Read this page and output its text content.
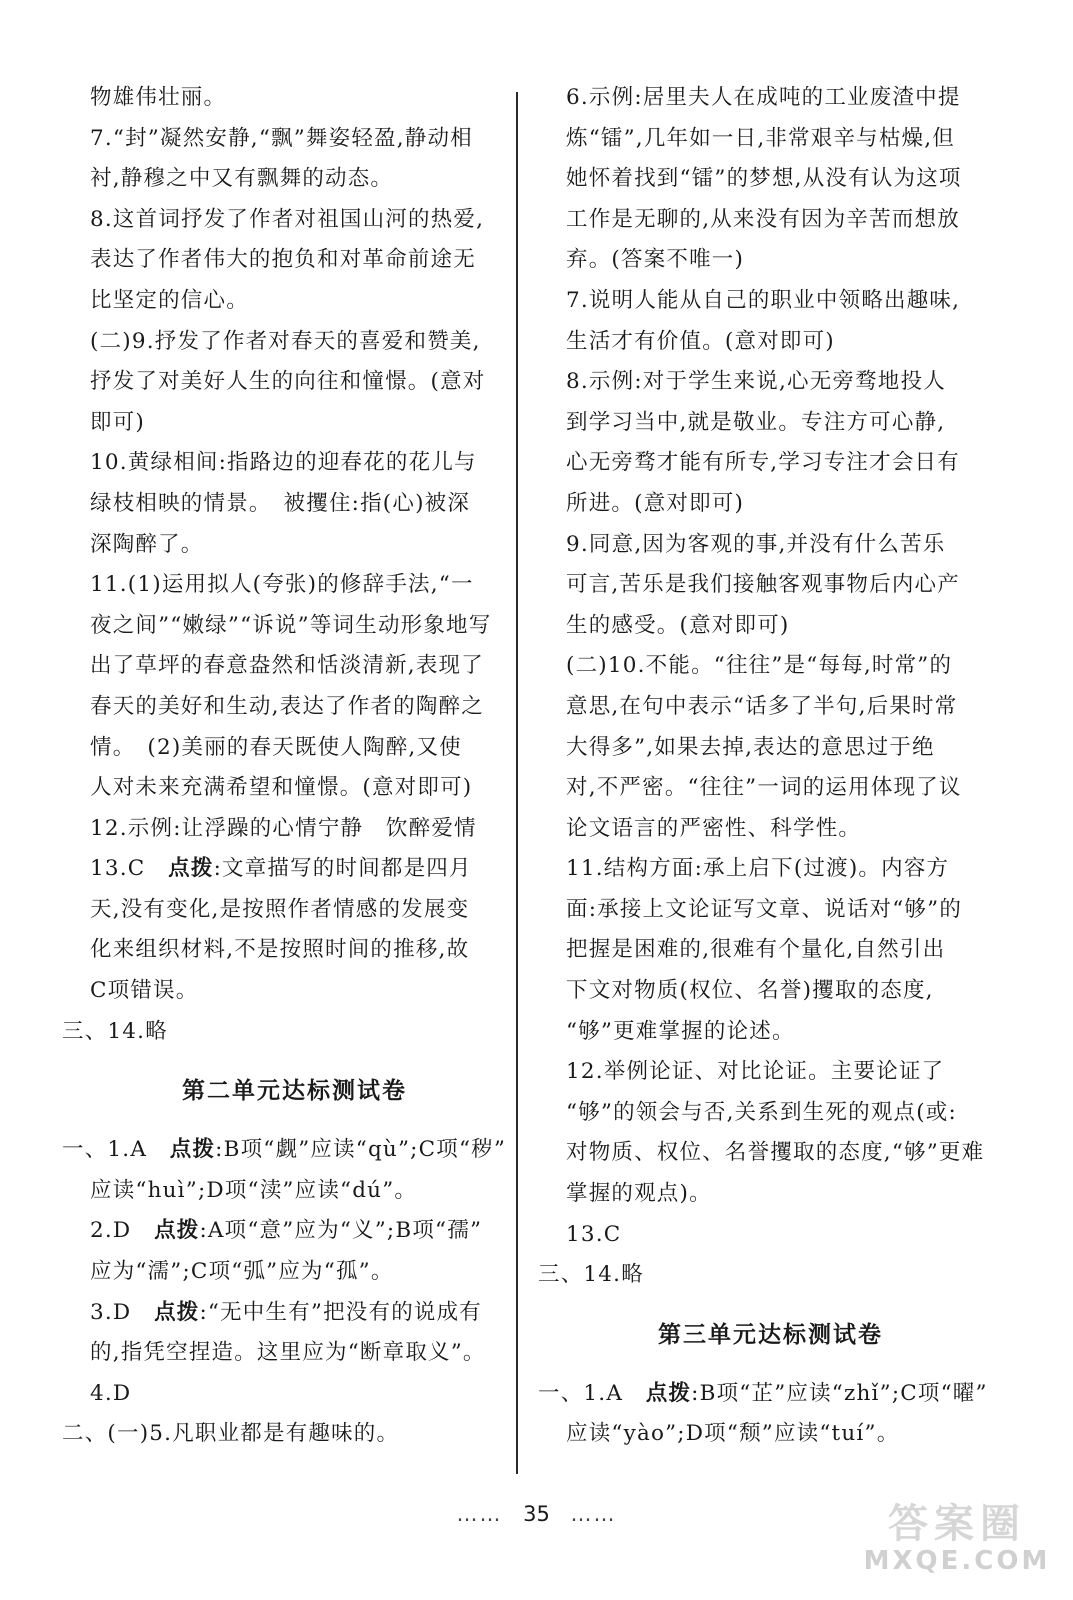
物雄伟壮丽。
7.“封”凝然安静,“飘”舞姿轻盈,静动相
衬,静穆之中又有飘舞的动态。
8.这首词抒发了作者对祖国山河的热爱,
表达了作者伟大的抱负和对革命前途无
比坚定的信心。
(二)9.抒发了作者对春天的喜爱和赞美,
抒发了对美好人生的向往和憧憬。(意对
即可)
10.黄绿相间:指路边的迎春花的花儿与
绿枝相映的情景。　被攫住:指(心)被深
深陶醉了。
11.(1)运用拟人(夸张)的修辞手法,“一
夜之间”“嫩绿”“诉说”等词生动形象地写
出了草坪的春意盎然和恬淡清新,表现了
春天的美好和生动,表达了作者的陶醉之
情。　(2)美丽的春天既使人陶醉,又使
人对未来充满希望和憧憬。(意对即可)
12.示例:让浮躁的心情宁静　饮醉爱情
13.C　点拨:文章描写的时间都是四月
天,没有变化,是按照作者情感的发展变
化来组织材料,不是按照时间的推移,故
C项错误。
三、14.略
第二单元达标测试卷
一、1.A　点拨:B项“觑”应读“qù”;C项“秽”
应读“huì”;D项“渎”应读“dú”。
2.D　点拨:A项“意”应为“义”;B项“孺”
应为“濡”;C项“弧”应为“孤”。
3.D　点拨:“无中生有”把没有的说成有
的,指凭空捏造。这里应为“断章取义”。
4.D
二、(一)5.凡职业都是有趣味的。
6.示例:居里夫人在成吨的工业废渣中提
炼“镭”,几年如一日,非常艰辛与枯燥,但
她怀着找到“镭”的梦想,从没有认为这项
工作是无聊的,从来没有因为辛苦而想放
弃。(答案不唯一)
7.说明人能从自己的职业中领略出趣味,
生活才有价值。(意对即可)
8.示例:对于学生来说,心无旁骛地投人
到学习当中,就是敬业。专注方可心静,
心无旁骛才能有所专,学习专注才会日有
所进。(意对即可)
9.同意,因为客观的事,并没有什么苦乐
可言,苦乐是我们接触客观事物后内心产
生的感受。(意对即可)
(二)10.不能。“往往”是“每每,时常”的
意思,在句中表示“话多了半句,后果时常
大得多”,如果去掉,表达的意思过于绝
对,不严密。“往往”一词的运用体现了议
论文语言的严密性、科学性。
11.结构方面:承上启下(过渡)。内容方
面:承接上文论证写文章、说话对“够”的
把握是困难的,很难有个量化,自然引出
下文对物质(权位、名誉)攫取的态度,
“够”更难掌握的论述。
12.举例论证、对比论证。主要论证了
“够”的领会与否,关系到生死的观点(或:
对物质、权位、名誉攫取的态度,“够”更难
掌握的观点)。
13.C
三、14.略
第三单元达标测试卷
一、1.A　点拨:B项“芷”应读“zhǐ”;C项“曜”
应读“yào”;D项“颓”应读“tuí”。
…… 35 ……	答案圈
MXQE.COM
